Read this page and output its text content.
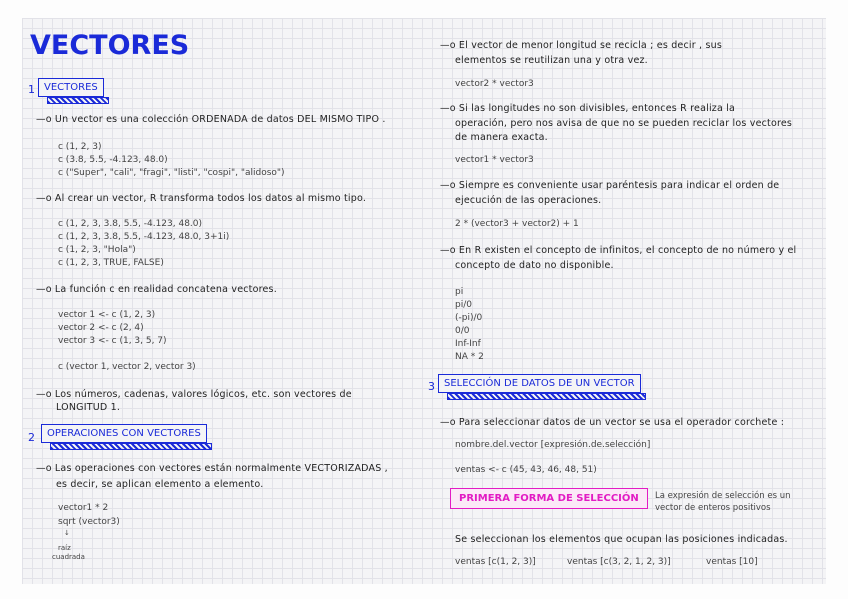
VECTORES
1 VECTORES
—o Un vector es una colección ORDENADA de datos DEL MISMO TIPO .
c (1, 2, 3)
c (3.8, 5.5, -4.123, 48.0)
c ("Super", "cali", "fragi", "listi", "cospi", "alidoso")
—o Al crear un vector, R transforma todos los datos al mismo tipo.
c (1, 2, 3, 3.8, 5.5, -4.123, 48.0)
c (1, 2, 3, 3.8, 5.5, -4.123, 48.0, 3+1i)
c (1, 2, 3, "Hola")
c (1, 2, 3, TRUE, FALSE)
—o La función c en realidad concatena vectores.
vector 1 <- c (1, 2, 3)
vector 2 <- c (2, 4)
vector 3 <- c (1, 3, 5, 7)
c (vector 1, vector 2, vector 3)
—o Los números, cadenas, valores lógicos, etc. son vectores de
LONGITUD 1.
2	OPERACIONES CON VECTORES
—o Las operaciones con vectores están normalmente VECTORIZADAS ,
es decir, se aplican elemento a elemento.
vector1 * 2
sqrt (vector3)
↓
raíz
cuadrada
—o El vector de menor longitud se recicla ; es decir , sus
elementos se reutilizan una y otra vez.
vector2 * vector3
—o Si las longitudes no son divisibles, entonces R realiza la
operación, pero nos avisa de que no se pueden reciclar los vectores
de manera exacta.
vector1 * vector3
—o Siempre es conveniente usar paréntesis para indicar el orden de
ejecución de las operaciones.
2 * (vector3 + vector2) + 1
—o En R existen el concepto de infinitos, el concepto de no número y el
concepto de dato no disponible.
pi
pi/0
(-pi)/0
0/0
Inf-Inf
NA * 2
3 SELECCIÓN DE DATOS DE UN VECTOR
—o Para seleccionar datos de un vector se usa el operador corchete :
nombre.del.vector [expresión.de.selección]
ventas <- c (45, 43, 46, 48, 51)
PRIMERA FORMA DE SELECCIÓN	La expresión de selección es un
vector de enteros positivos
Se seleccionan los elementos que ocupan las posiciones indicadas.
ventas [c(1, 2, 3)]	ventas [c(3, 2, 1, 2, 3)]	ventas [10]
